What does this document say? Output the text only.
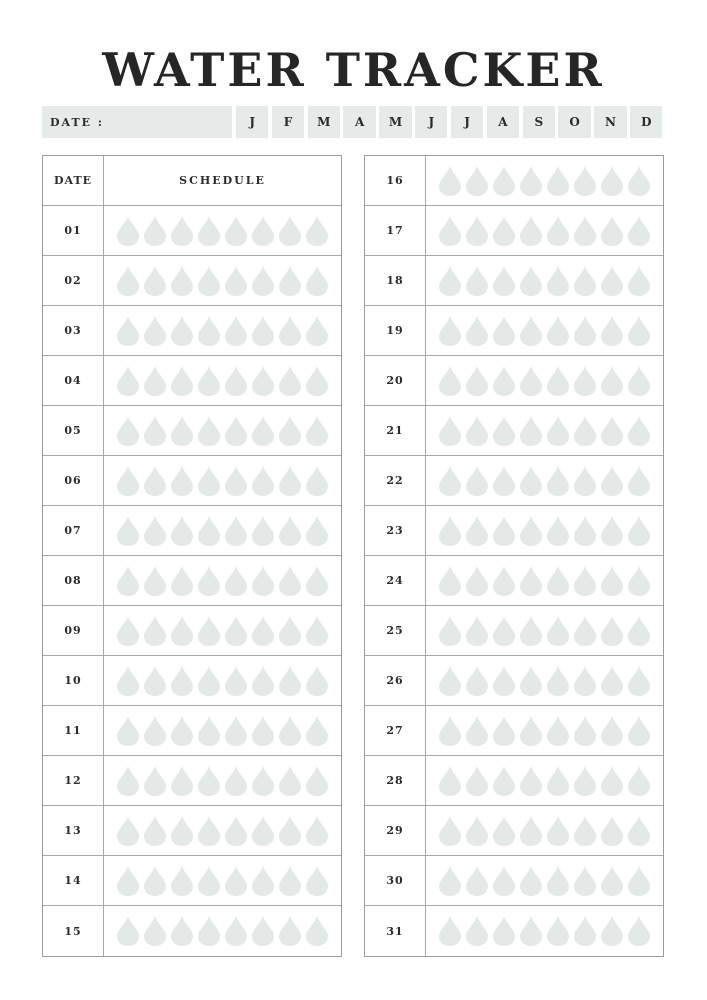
WATER TRACKER
DATE :	J	F	M	A	M	J	J	A	S	O	N	D
DATE	SCHEDULE
01
02
03
04
05
06
07
08
09
10
11
12
13
14
15
16
17
18
19
20
21
22
23
24
25
26
27
28
29
30
31
